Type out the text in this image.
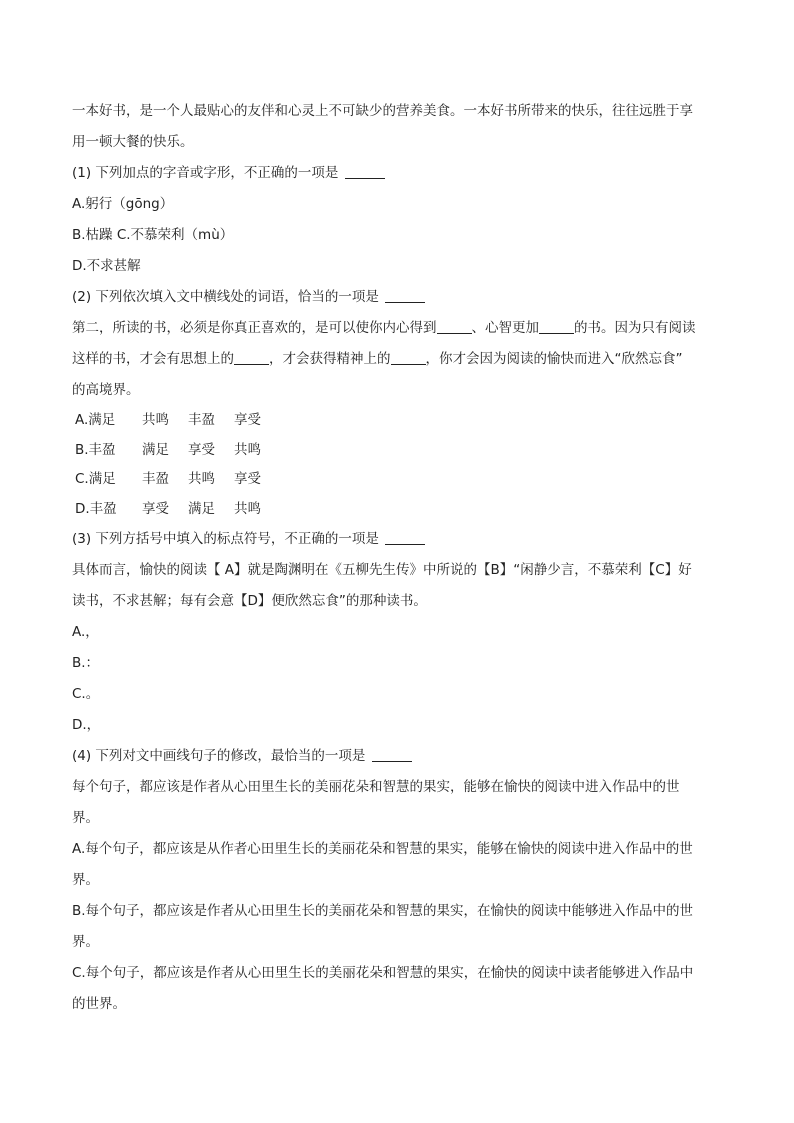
一本好书，是一个人最贴心的友伴和心灵上不可缺少的营养美食。一本好书所带来的快乐，往往远胜于享
用一顿大餐的快乐。
(1) 下列加点的字音或字形，不正确的一项是
A.躬行（gōng）
B.枯躁 C.不慕荣利（mù）
D.不求甚解
(2) 下列依次填入文中横线处的词语，恰当的一项是
第二，所读的书，必须是你真正喜欢的，是可以使你内心得到	、心智更加	的书。因为只有阅读
这样的书，才会有思想上的	，才会获得精神上的	，你才会因为阅读的愉快而进入“欣然忘食”
的高境界。
A.满足 共鸣 丰盈 享受
B.丰盈 满足 享受 共鸣
C.满足 丰盈 共鸣 享受
D.丰盈 享受 满足 共鸣
(3) 下列方括号中填入的标点符号，不正确的一项是
具体而言，愉快的阅读【 A】就是陶渊明在《五柳先生传》中所说的【B】“闲静少言，不慕荣利【C】好
读书，不求甚解；每有会意【D】便欣然忘食”的那种读书。
A.，
B.：
C.。
D.，
(4) 下列对文中画线句子的修改，最恰当的一项是
每个句子，都应该是作者从心田里生长的美丽花朵和智慧的果实，能够在愉快的阅读中进入作品中的世
界。
A.每个句子，都应该是从作者心田里生长的美丽花朵和智慧的果实，能够在愉快的阅读中进入作品中的世
界。
B.每个句子，都应该是作者从心田里生长的美丽花朵和智慧的果实，在愉快的阅读中能够进入作品中的世
界。
C.每个句子，都应该是作者从心田里生长的美丽花朵和智慧的果实，在愉快的阅读中读者能够进入作品中
的世界。
